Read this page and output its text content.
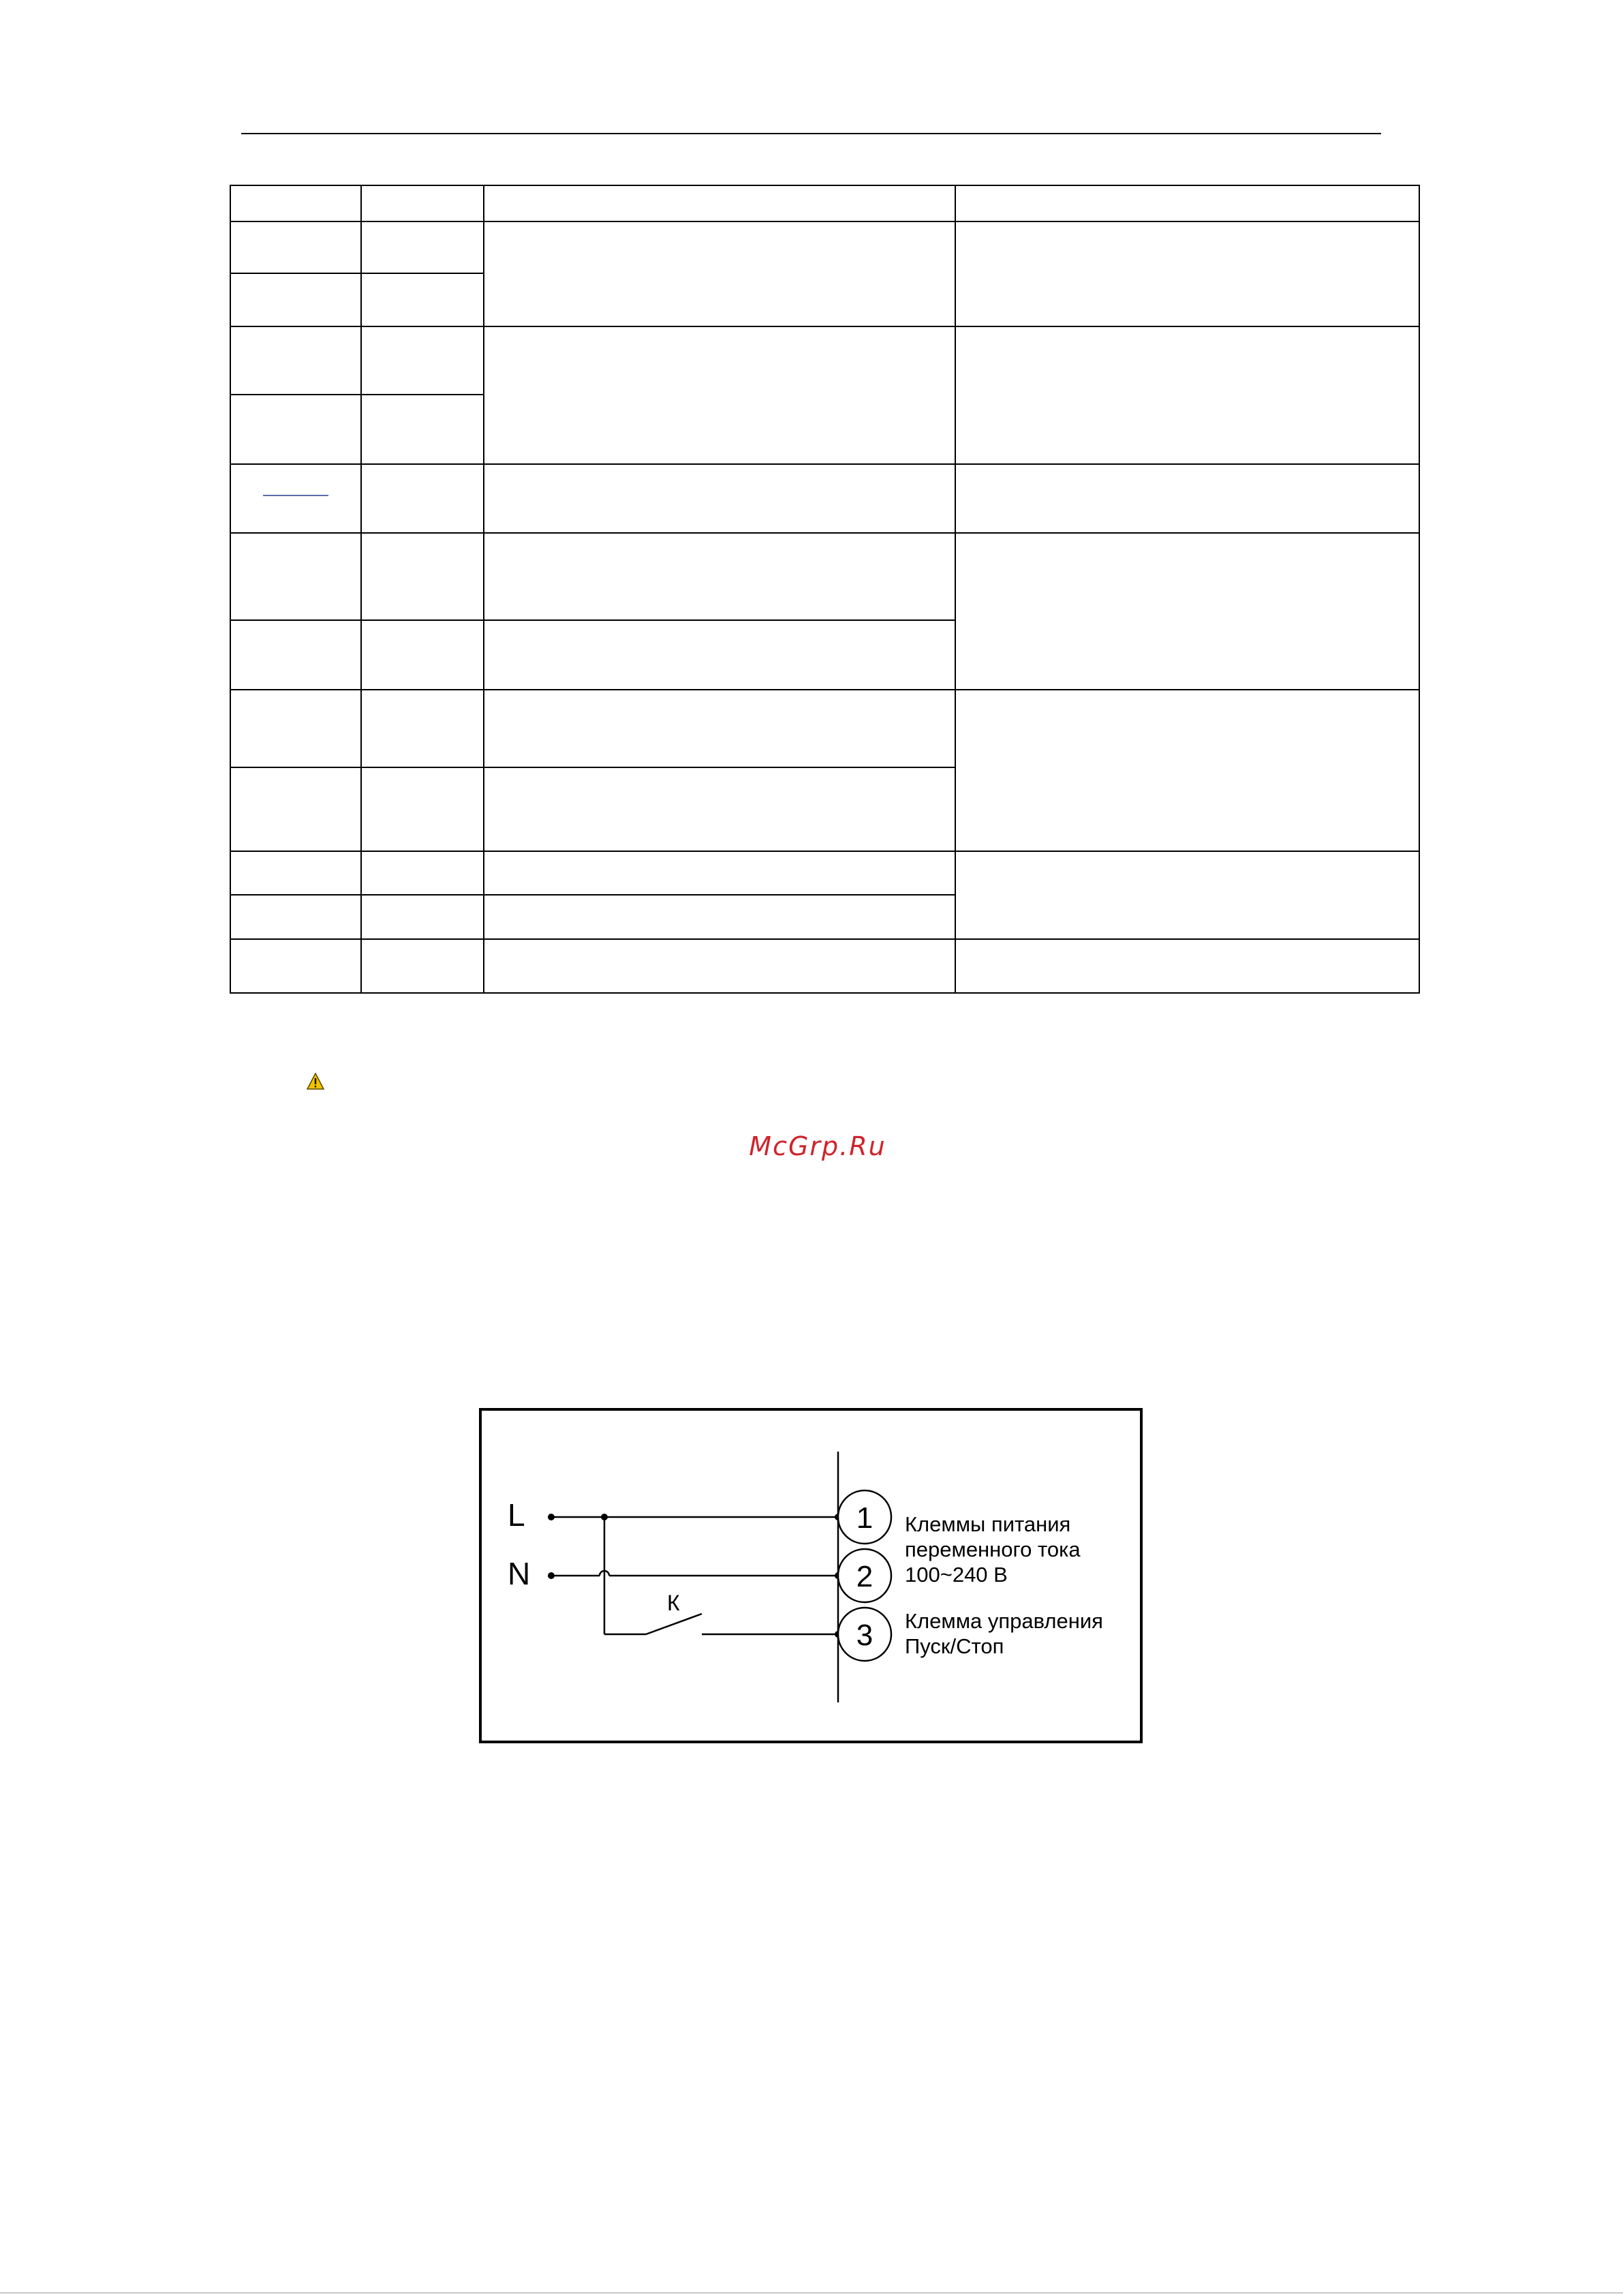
McGrp.Ru
L
N
К
1
2
3
Клеммы питания
переменного тока
100~240 В
Клемма управления
Пуск/Стоп
